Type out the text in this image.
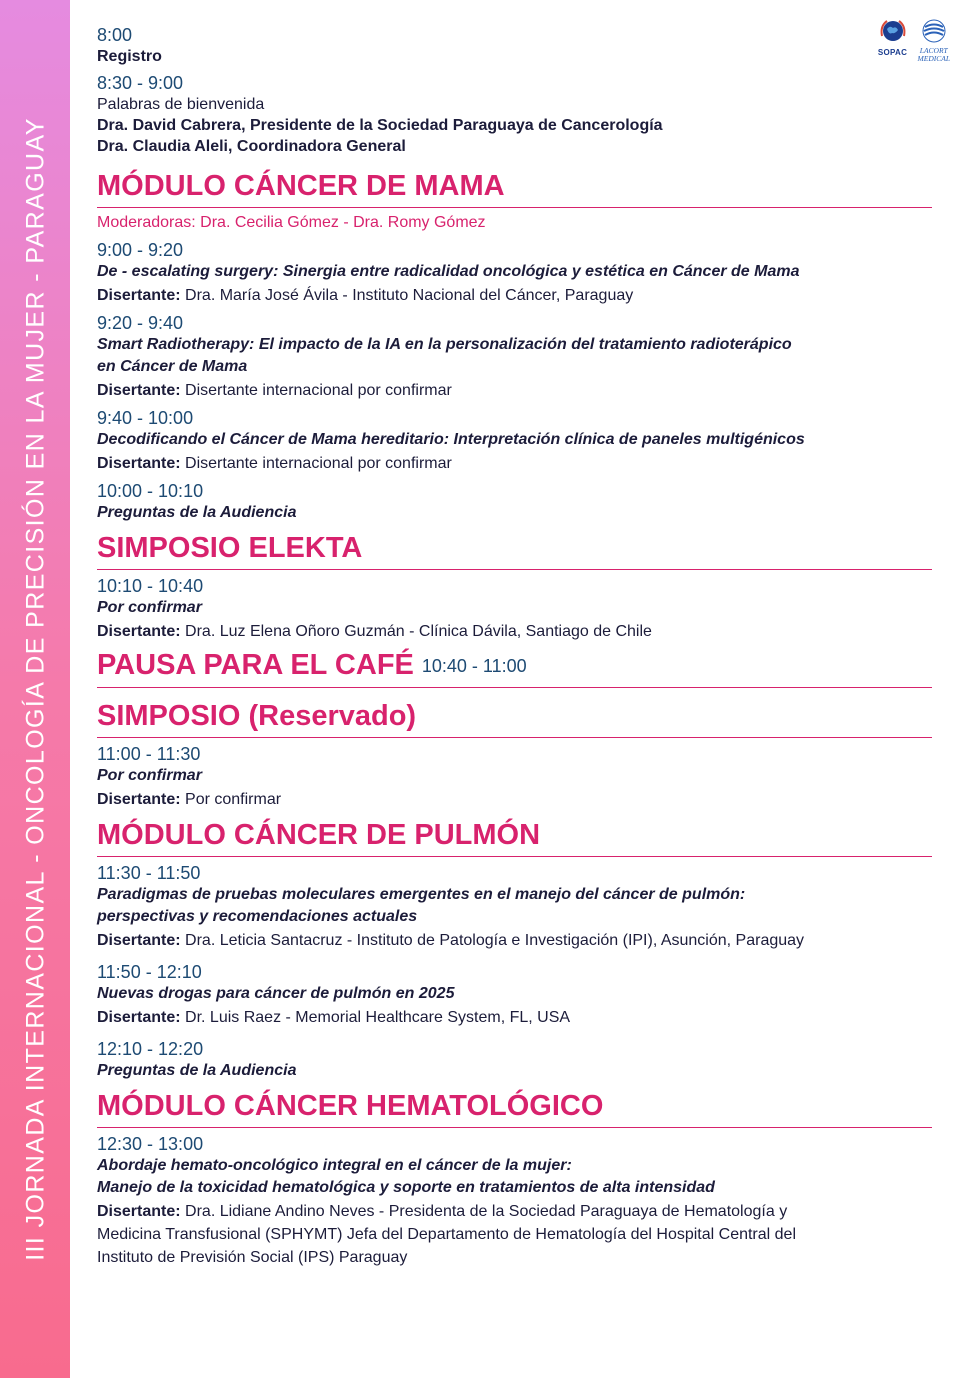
III JORNADA INTERNACIONAL - ONCOLOGÍA DE PRECISIÓN EN LA MUJER - PARAGUAY
SOPAC	LACORT
MEDICAL
8:00
Registro
8:30 - 9:00
Palabras de bienvenida
Dra. David Cabrera, Presidente de la Sociedad Paraguaya de Cancerología
Dra. Claudia Aleli, Coordinadora General
MÓDULO CÁNCER DE MAMA
Moderadoras: Dra. Cecilia Gómez - Dra. Romy Gómez
9:00 - 9:20
De - escalating surgery: Sinergia entre radicalidad oncológica y estética en Cáncer de Mama
Disertante: Dra. María José Ávila - Instituto Nacional del Cáncer, Paraguay
9:20 - 9:40
Smart Radiotherapy: El impacto de la IA en la personalización del tratamiento radioterápico
en Cáncer de Mama
Disertante: Disertante internacional por confirmar
9:40 - 10:00
Decodificando el Cáncer de Mama hereditario: Interpretación clínica de paneles multigénicos
Disertante: Disertante internacional por confirmar
10:00 - 10:10
Preguntas de la Audiencia
SIMPOSIO ELEKTA
10:10 - 10:40
Por confirmar
Disertante: Dra. Luz Elena Oñoro Guzmán - Clínica Dávila, Santiago de Chile
PAUSA PARA EL CAFÉ 10:40 - 11:00
SIMPOSIO (Reservado)
11:00 - 11:30
Por confirmar
Disertante: Por confirmar
MÓDULO CÁNCER DE PULMÓN
11:30 - 11:50
Paradigmas de pruebas moleculares emergentes en el manejo del cáncer de pulmón:
perspectivas y recomendaciones actuales
Disertante: Dra. Leticia Santacruz - Instituto de Patología e Investigación (IPI), Asunción, Paraguay
11:50 - 12:10
Nuevas drogas para cáncer de pulmón en 2025
Disertante: Dr. Luis Raez - Memorial Healthcare System, FL, USA
12:10 - 12:20
Preguntas de la Audiencia
MÓDULO CÁNCER HEMATOLÓGICO
12:30 - 13:00
Abordaje hemato-oncológico integral en el cáncer de la mujer:
Manejo de la toxicidad hematológica y soporte en tratamientos de alta intensidad
Disertante: Dra. Lidiane Andino Neves - Presidenta de la Sociedad Paraguaya de Hematología y
Medicina Transfusional (SPHYMT) Jefa del Departamento de Hematología del Hospital Central del
Instituto de Previsión Social (IPS) Paraguay
